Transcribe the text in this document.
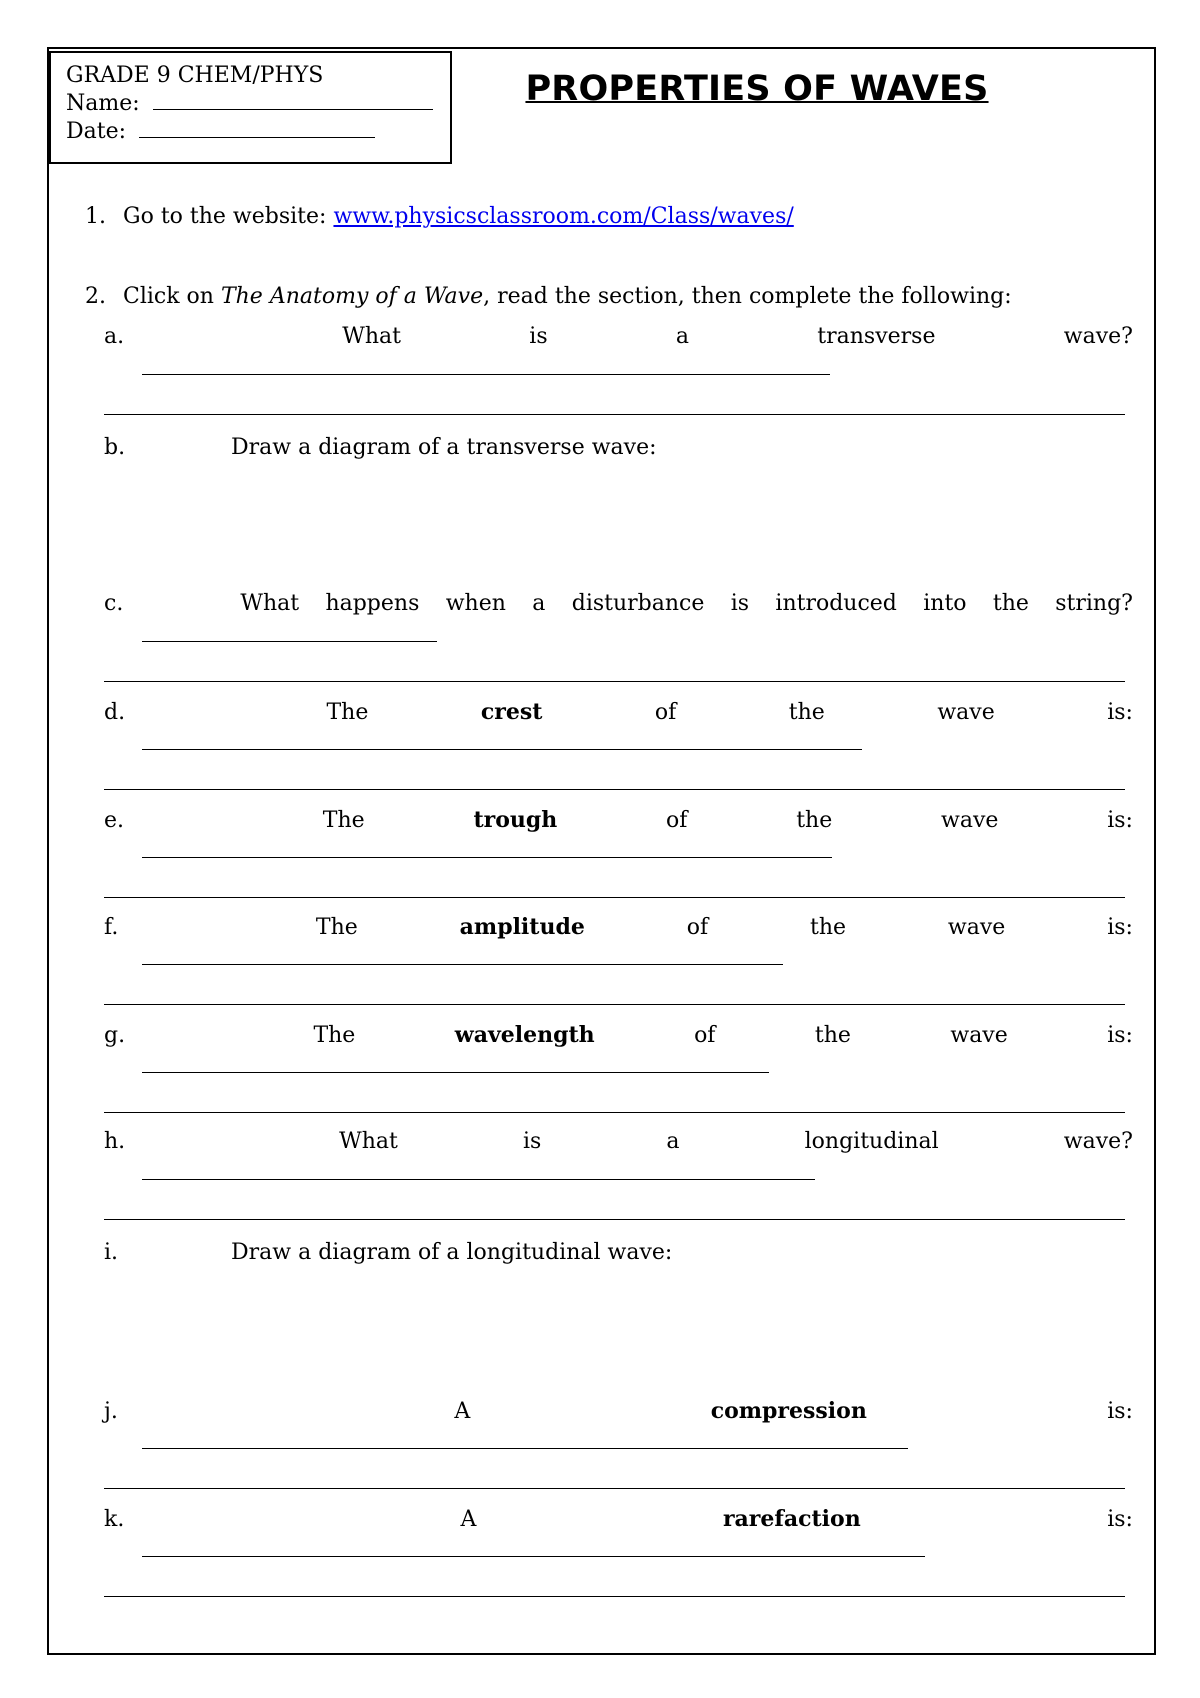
GRADE 9 CHEM/PHYS
Name:
Date:
PROPERTIES OF WAVES
1. Go to the website: www.physicsclassroom.com/Class/waves/
2. Click on The Anatomy of a Wave, read the section, then complete the following:
a.	What	is	a	transverse	wave?
b.	Draw a diagram of a transverse wave:
c.	What happens when a disturbance is introduced into the string?
d.	The	crest	of	the	wave	is:
e.	The	trough	of	the	wave	is:
f.	The	amplitude	of	the	wave	is:
g.	The	wavelength	of	the	wave	is:
h.	What	is	a	longitudinal	wave?
i.	Draw a diagram of a longitudinal wave:
j.	A	compression	is:
k.	A	rarefaction	is:
